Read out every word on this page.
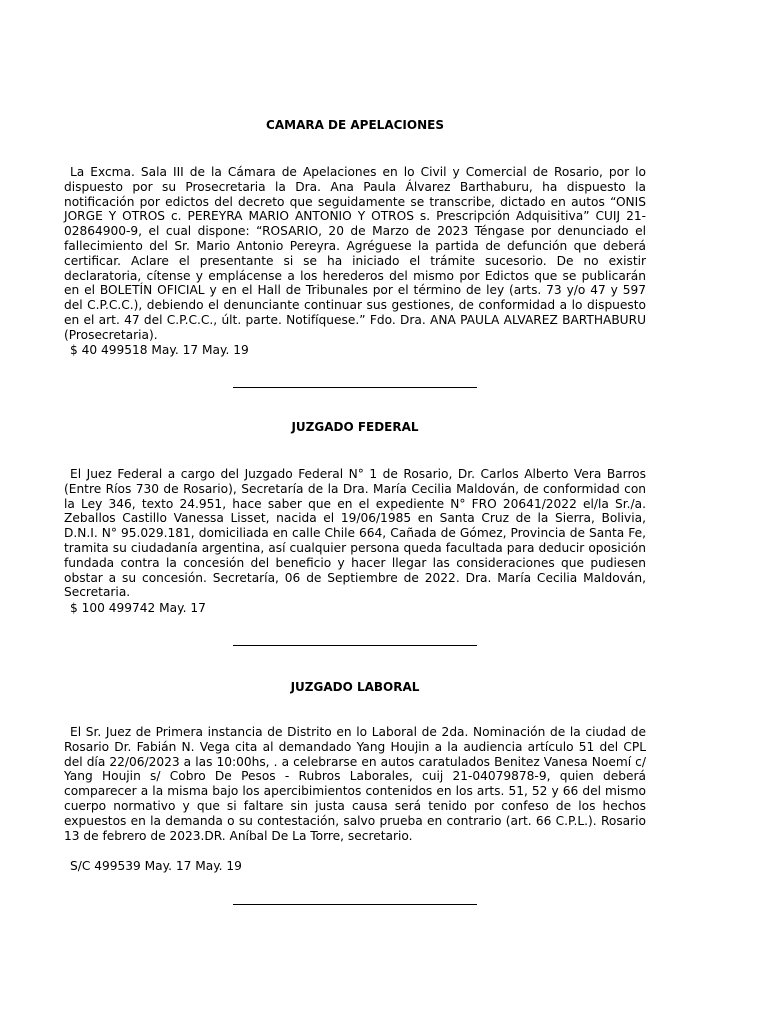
CAMARA DE APELACIONES

La Excma. Sala III de la Cámara de Apelaciones en lo Civil y Comercial de Rosario, por lo dispuesto por su Prosecretaria la Dra. Ana Paula Álvarez Barthaburu, ha dispuesto la notificación por edictos del decreto que seguidamente se transcribe, dictado en autos “ONIS JORGE Y OTROS c. PEREYRA MARIO ANTONIO Y OTROS s. Prescripción Adquisitiva” CUIJ 21-02864900-9, el cual dispone: “ROSARIO, 20 de Marzo de 2023 Téngase por denunciado el fallecimiento del Sr. Mario Antonio Pereyra. Agréguese la partida de defunción que deberá certificar. Aclare el presentante si se ha iniciado el trámite sucesorio. De no existir declaratoria, cítense y emplácense a los herederos del mismo por Edictos que se publicarán en el BOLETÍN OFICIAL y en el Hall de Tribunales por el término de ley (arts. 73 y/o 47 y 597 del C.P.C.C.), debiendo el denunciante continuar sus gestiones, de conformidad a lo dispuesto en el art. 47 del C.P.C.C., últ. parte. Notifíquese.” Fdo. Dra. ANA PAULA ALVAREZ BARTHABURU (Prosecretaria).

$ 40 499518 May. 17 May. 19
JUZGADO FEDERAL

El Juez Federal a cargo del Juzgado Federal N° 1 de Rosario, Dr. Carlos Alberto Vera Barros (Entre Ríos 730 de Rosario), Secretaría de la Dra. María Cecilia Maldován, de conformidad con la Ley 346, texto 24.951, hace saber que en el expediente N° FRO 20641/2022 el/la Sr./a. Zeballos Castillo Vanessa Lisset, nacida el 19/06/1985 en Santa Cruz de la Sierra, Bolivia, D.N.I. N° 95.029.181, domiciliada en calle Chile 664, Cañada de Gómez, Provincia de Santa Fe, tramita su ciudadanía argentina, así cualquier persona queda facultada para deducir oposición fundada contra la concesión del beneficio y hacer llegar las consideraciones que pudiesen obstar a su concesión. Secretaría, 06 de Septiembre de 2022. Dra. María Cecilia Maldován, Secretaria.

$ 100 499742 May. 17
JUZGADO LABORAL

El Sr. Juez de Primera instancia de Distrito en lo Laboral de 2da. Nominación de la ciudad de Rosario Dr. Fabián N. Vega cita al demandado Yang Houjin a la audiencia artículo 51 del CPL del día 22/06/2023 a las 10:00hs, . a celebrarse en autos caratulados Benitez Vanesa Noemí c/ Yang Houjin s/ Cobro De Pesos - Rubros Laborales, cuij 21-04079878-9, quien deberá comparecer a la misma bajo los apercibimientos contenidos en los arts. 51, 52 y 66 del mismo cuerpo normativo y que si faltare sin justa causa será tenido por confeso de los hechos expuestos en la demanda o su contestación, salvo prueba en contrario (art. 66 C.P.L.). Rosario 13 de febrero de 2023.DR. Aníbal De La Torre, secretario.

S/C 499539 May. 17 May. 19
